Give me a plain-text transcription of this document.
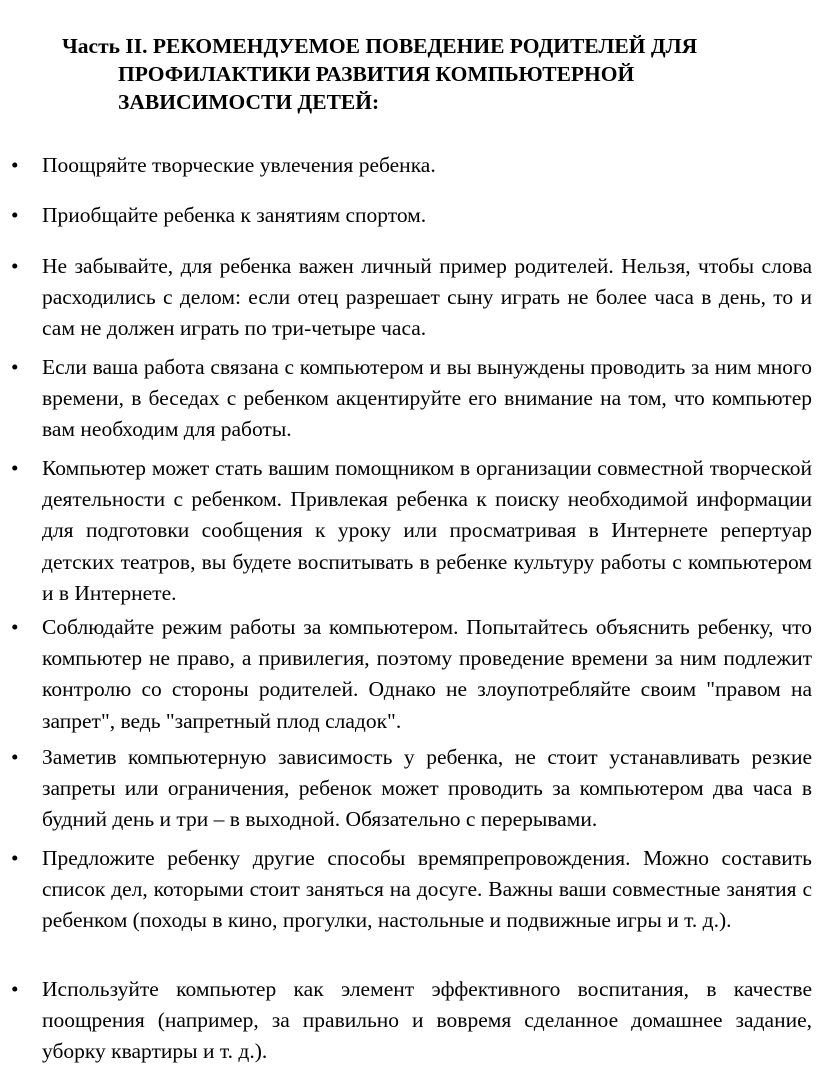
Часть II. РЕКОМЕНДУЕМОЕ ПОВЕДЕНИЕ РОДИТЕЛЕЙ ДЛЯ
ПРОФИЛАКТИКИ РАЗВИТИЯ КОМПЬЮТЕРНОЙ
ЗАВИСИМОСТИ ДЕТЕЙ:
• Поощряйте творческие увлечения ребенка.
• Приобщайте ребенка к занятиям спортом.
• Не забывайте, для ребенка важен личный пример родителей. Нельзя, чтобы слова расходились с делом: если отец разрешает сыну играть не более часа в день, то и сам не должен играть по три-четыре часа.
• Если ваша работа связана с компьютером и вы вынуждены проводить за ним много времени, в беседах с ребенком акцентируйте его внимание на том, что компьютер вам необходим для работы.
• Компьютер может стать вашим помощником в организации совместной творческой деятельности с ребенком. Привлекая ребенка к поиску необходимой информации для подготовки сообщения к уроку или просматривая в Интернете репертуар детских театров, вы будете воспитывать в ребенке культуру работы с компьютером и в Интернете.
• Соблюдайте режим работы за компьютером. Попытайтесь объяснить ребенку, что компьютер не право, а привилегия, поэтому проведение времени за ним подлежит контролю со стороны родителей. Однако не злоупотребляйте своим "правом на запрет", ведь "запретный плод сладок".
• Заметив компьютерную зависимость у ребенка, не стоит устанавливать резкие запреты или ограничения, ребенок может проводить за компьютером два часа в будний день и три – в выходной. Обязательно с перерывами.
• Предложите ребенку другие способы времяпрепровождения. Можно составить список дел, которыми стоит заняться на досуге. Важны ваши совместные занятия с ребенком (походы в кино, прогулки, настольные и подвижные игры и т. д.).
• Используйте компьютер как элемент эффективного воспитания, в качестве поощрения (например, за правильно и вовремя сделанное домашнее задание, уборку квартиры и т. д.).
